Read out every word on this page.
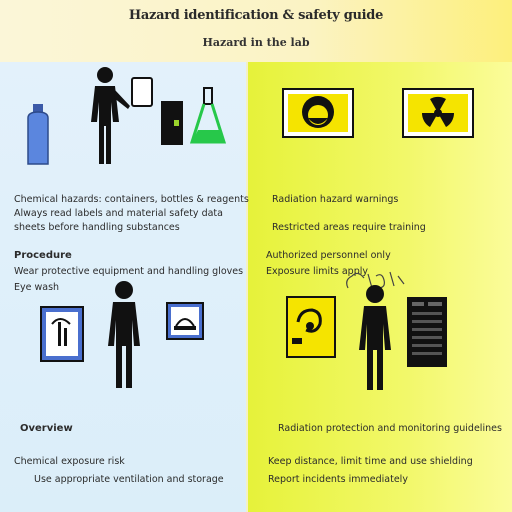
Hazard identification & safety guide
Hazard in the lab
Chemical hazards: containers, bottles & reagents
Always read labels and material safety data
sheets before handling substances
Procedure
Wear protective equipment and handling gloves
Eye wash
Radiation hazard warnings
Restricted areas require training
Authorized personnel only
Exposure limits apply
Overview
Chemical exposure risk
Use appropriate ventilation and storage
Radiation protection and monitoring guidelines
Keep distance, limit time and use shielding
Report incidents immediately
